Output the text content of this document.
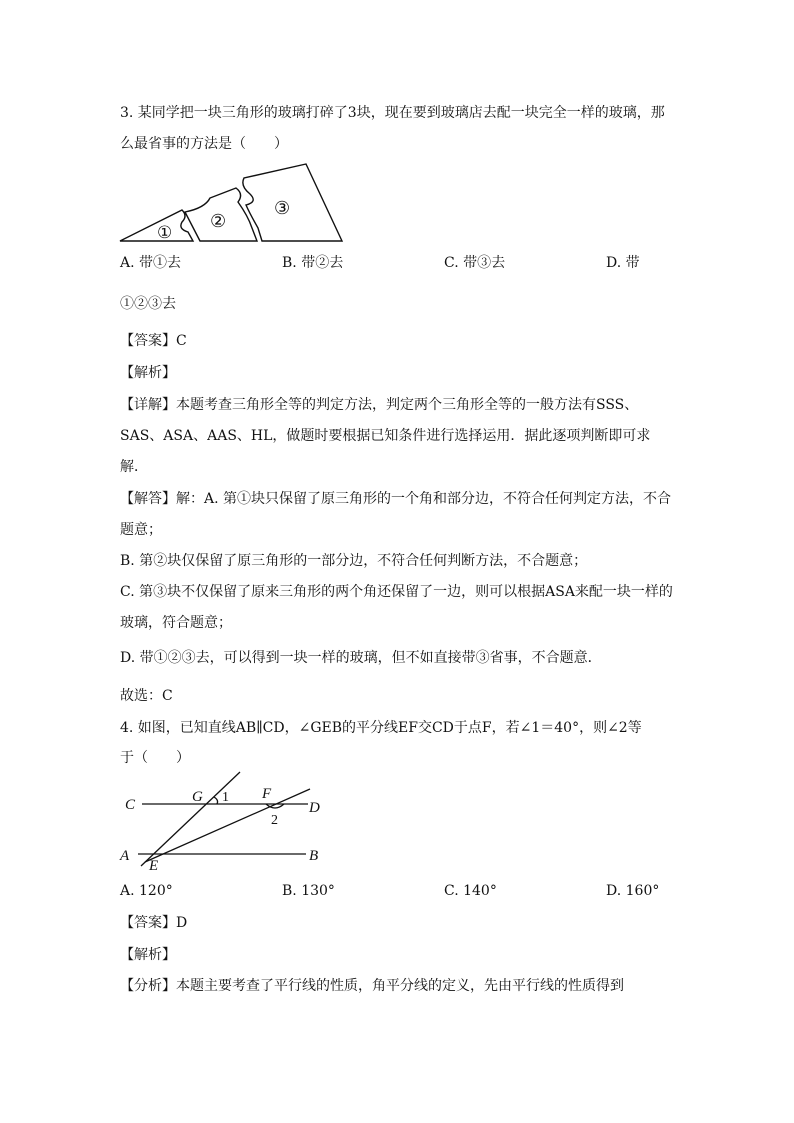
3. 某同学把一块三角形的玻璃打碎了3块，现在要到玻璃店去配一块完全一样的玻璃，那
么最省事的方法是（　　）
①
②
③
A. 带①去	B. 带②去	C. 带③去	D. 带
①②③去
【答案】C
【解析】
【详解】本题考查三角形全等的判定方法，判定两个三角形全等的一般方法有SSS、
SAS、ASA、AAS、HL，做题时要根据已知条件进行选择运用．据此逐项判断即可求
解．
【解答】解：A. 第①块只保留了原三角形的一个角和部分边，不符合任何判定方法，不合
题意；
B. 第②块仅保留了原三角形的一部分边，不符合任何判断方法，不合题意；
C. 第③块不仅保留了原来三角形的两个角还保留了一边，则可以根据ASA来配一块一样的
玻璃，符合题意；
D. 带①②③去，可以得到一块一样的玻璃，但不如直接带③省事，不合题意．
故选：C
4. 如图，已知直线AB∥CD，∠GEB的平分线EF交CD于点F，若∠1＝40°，则∠2等
于（　　）
C	G 1 F
D
2
A
E
B
A. 120°	B. 130°	C. 140°	D. 160°
【答案】D
【解析】
【分析】本题主要考查了平行线的性质，角平分线的定义，先由平行线的性质得到
